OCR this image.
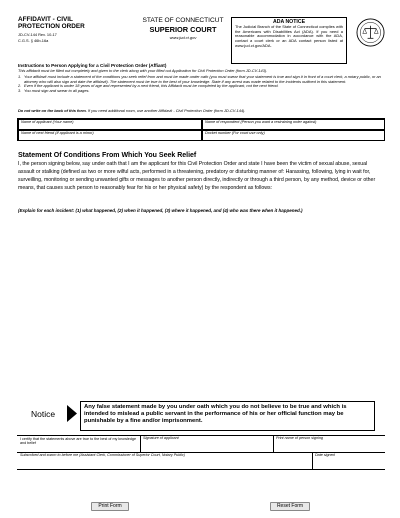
AFFIDAVIT - CIVIL
PROTECTION ORDER
JD-CV-144 Rev. 10-17
C.G.S. § 46b-16a
STATE OF CONNECTICUT
SUPERIOR COURT
www.jud.ct.gov
ADA NOTICE
The Judicial Branch of the State of Connecticut complies with the Americans with Disabilities Act (ADA). If you need a reasonable accommodation in accordance with the ADA, contact a court clerk or an ADA contact person listed at www.jud.ct.gov/ADA.
Instructions to Person Applying for a Civil Protection Order (Affiant)
This affidavit must be filled out completely and given to the clerk along with your filled out Application for Civil Protection Order (form JD-CV-143).
1. Your affidavit must include a statement of the conditions you seek relief from and must be made under oath (you must swear that your statement is true and sign it in front of a court clerk, a notary public, or an attorney who will also sign and date the affidavit). The statement must be true to the best of your knowledge. State if any arrest was made related to the incidents outlined in this statement.
2. Even if the applicant is under 18 years of age and represented by a next friend, this Affidavit must be completed by the applicant, not the next friend.
3. You must sign and swear to all pages.
Do not write on the back of this form. If you need additional room, use another Affidavit - Civil Protection Order (form JD-CV-144).
Name of applicant (Your name)	Name of respondent (Person you want a restraining order against)
Name of next friend (If applicant is a minor)	Docket number (For court use only)
Statement Of Conditions From Which You Seek Relief
I, the person signing below, say under oath that I am the applicant for this Civil Protection Order and state I have been the victim of sexual abuse, sexual assault or stalking (defined as two or more wilful acts, performed in a threatening, predatory or disturbing manner of: Harassing, following, lying in wait for, surveilling, monitoring or sending unwanted gifts or messages to another person directly, indirectly or through a third person, by any method, device or other means, that causes such person to reasonably fear for his or her physical safety) by the respondent as follows:
(Explain for each incident: (1) what happened, (2) when it happened, (3) where it happened, and (4) who was there when it happened.)
Notice
Any false statement made by you under oath which you do not believe to be true and which is intended to mislead a public servant in the performance of his or her official function may be punishable by a fine and/or imprisonment.
I certify that the statements above are true to the best of my knowledge and belief
Signature of applicant	Print name of person signing
Subscribed and sworn to before me (Assistant Clerk, Commissioner of Superior Court, Notary Public)	Date signed
Print Form	Reset Form
